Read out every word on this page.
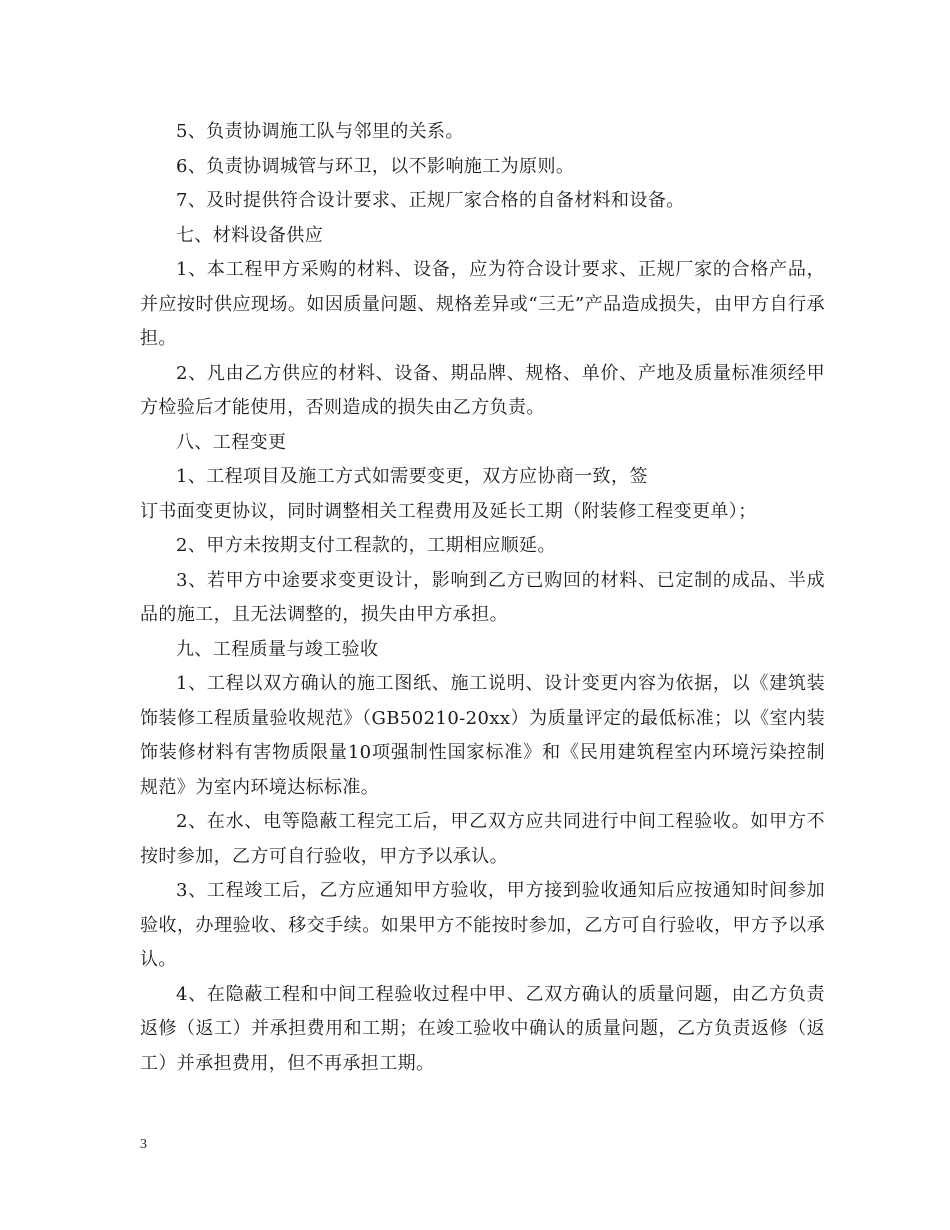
5、负责协调施工队与邻里的关系。

6、负责协调城管与环卫，以不影响施工为原则。

7、及时提供符合设计要求、正规厂家合格的自备材料和设备。

七、材料设备供应

1、本工程甲方采购的材料、设备，应为符合设计要求、正规厂家的合格产品，并应按时供应现场。如因质量问题、规格差异或“三无”产品造成损失，由甲方自行承担。

2、凡由乙方供应的材料、设备、期品牌、规格、单价、产地及质量标准须经甲方检验后才能使用，否则造成的损失由乙方负责。

八、工程变更

1、工程项目及施工方式如需要变更，双方应协商一致，签

订书面变更协议，同时调整相关工程费用及延长工期（附装修工程变更单）；

2、甲方未按期支付工程款的，工期相应顺延。

3、若甲方中途要求变更设计，影响到乙方已购回的材料、已定制的成品、半成品的施工，且无法调整的，损失由甲方承担。

九、工程质量与竣工验收

1、工程以双方确认的施工图纸、施工说明、设计变更内容为依据，以《建筑装饰装修工程质量验收规范》（GB50210-20xx）为质量评定的最低标准；以《室内装饰装修材料有害物质限量10项强制性国家标准》和《民用建筑程室内环境污染控制规范》为室内环境达标标准。

2、在水、电等隐蔽工程完工后，甲乙双方应共同进行中间工程验收。如甲方不按时参加，乙方可自行验收，甲方予以承认。

3、工程竣工后，乙方应通知甲方验收，甲方接到验收通知后应按通知时间参加验收，办理验收、移交手续。如果甲方不能按时参加，乙方可自行验收，甲方予以承认。

4、在隐蔽工程和中间工程验收过程中甲、乙双方确认的质量问题，由乙方负责返修（返工）并承担费用和工期；在竣工验收中确认的质量问题，乙方负责返修（返工）并承担费用，但不再承担工期。

3
